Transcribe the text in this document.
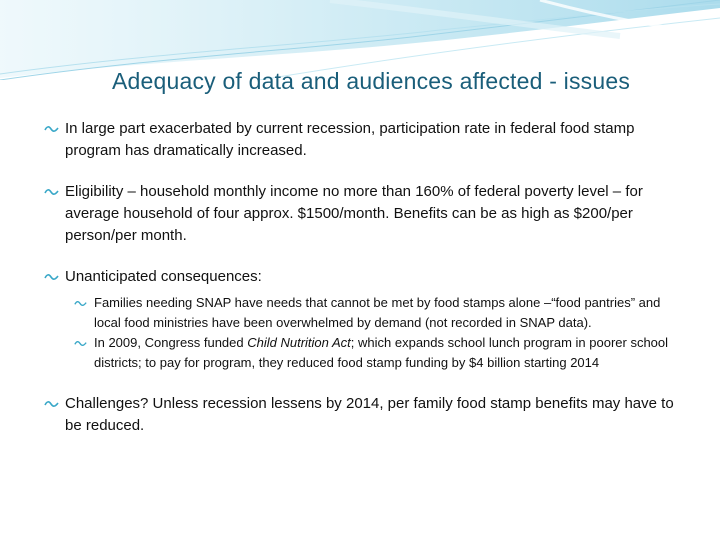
Adequacy of data and audiences affected - issues
In large part exacerbated by current recession, participation rate in federal food stamp program has dramatically increased.
Eligibility – household monthly income no more than 160% of federal poverty level – for average household of four approx. $1500/month. Benefits can be as high as $200/per person/per month.
Unanticipated consequences:
Families needing SNAP have needs that cannot be met by food stamps alone –“food pantries” and local food ministries have been overwhelmed by demand (not recorded in SNAP data).
In 2009, Congress funded Child Nutrition Act; which expands school lunch program in poorer school districts; to pay for program, they reduced food stamp funding by $4 billion starting 2014
Challenges? Unless recession lessens by 2014, per family food stamp benefits may have to be reduced.
